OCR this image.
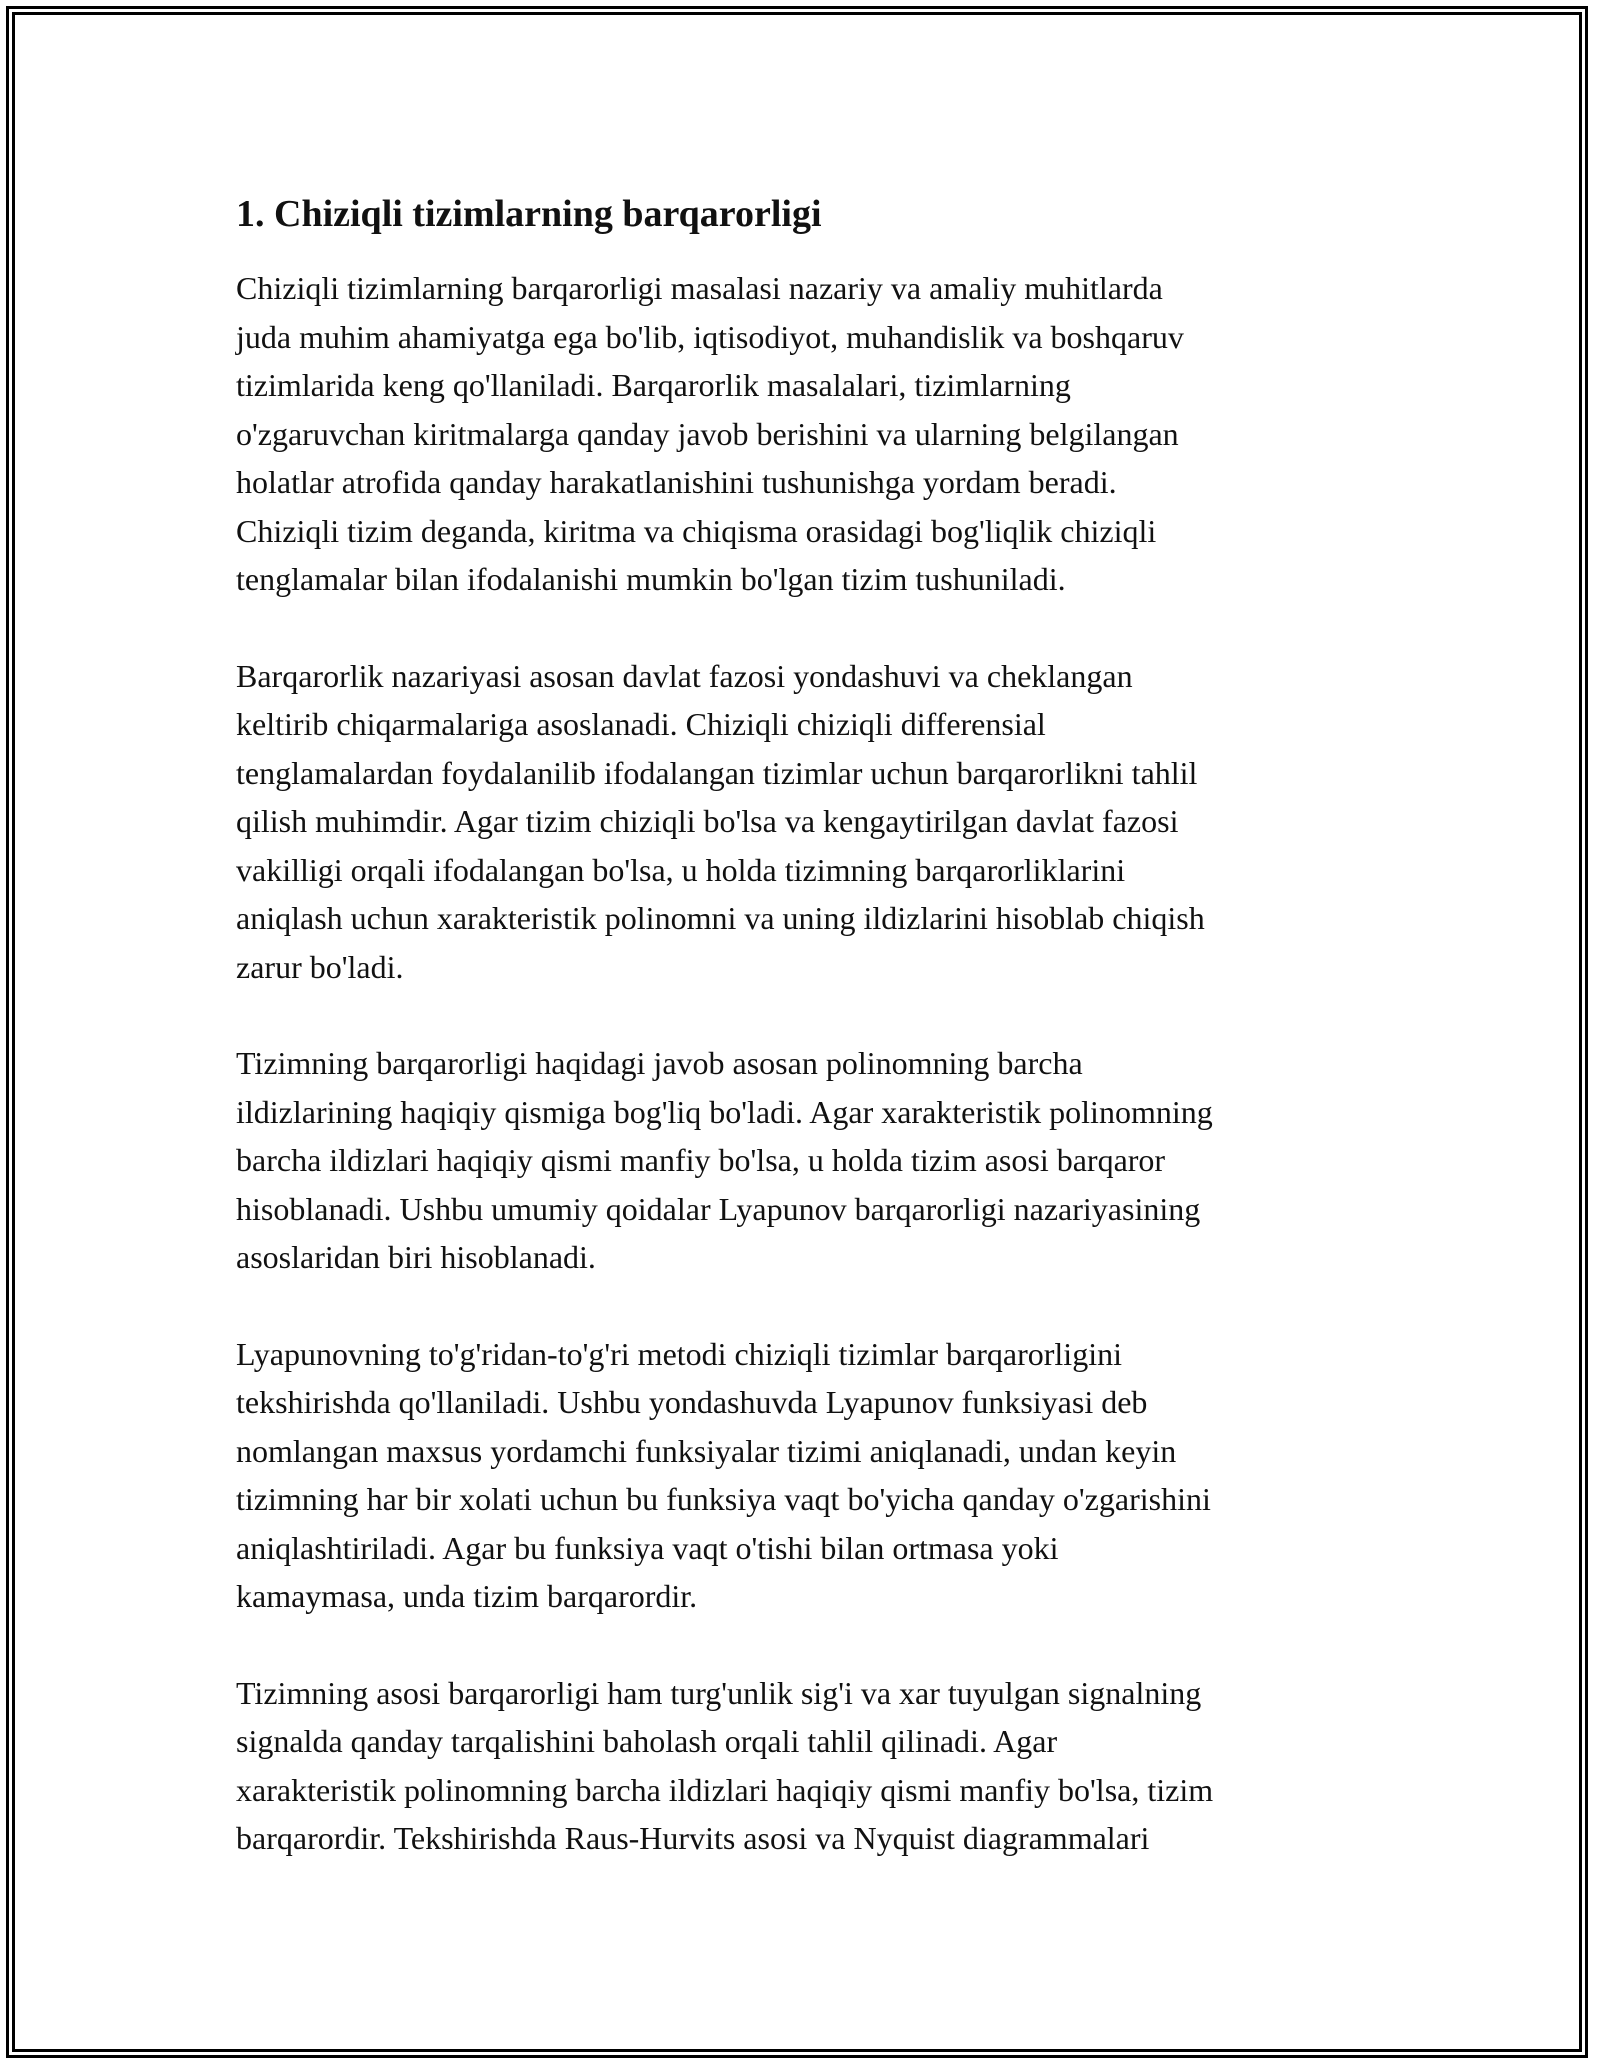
1. Chiziqli tizimlarning barqarorligi

Chiziqli tizimlarning barqarorligi masalasi nazariy va amaliy muhitlarda
juda muhim ahamiyatga ega bo'lib, iqtisodiyot, muhandislik va boshqaruv
tizimlarida keng qo'llaniladi. Barqarorlik masalalari, tizimlarning
o'zgaruvchan kiritmalarga qanday javob berishini va ularning belgilangan
holatlar atrofida qanday harakatlanishini tushunishga yordam beradi.
Chiziqli tizim deganda, kiritma va chiqisma orasidagi bog'liqlik chiziqli
tenglamalar bilan ifodalanishi mumkin bo'lgan tizim tushuniladi.

Barqarorlik nazariyasi asosan davlat fazosi yondashuvi va cheklangan
keltirib chiqarmalariga asoslanadi. Chiziqli chiziqli differensial
tenglamalardan foydalanilib ifodalangan tizimlar uchun barqarorlikni tahlil
qilish muhimdir. Agar tizim chiziqli bo'lsa va kengaytirilgan davlat fazosi
vakilligi orqali ifodalangan bo'lsa, u holda tizimning barqarorliklarini
aniqlash uchun xarakteristik polinomni va uning ildizlarini hisoblab chiqish
zarur bo'ladi.

Tizimning barqarorligi haqidagi javob asosan polinomning barcha
ildizlarining haqiqiy qismiga bog'liq bo'ladi. Agar xarakteristik polinomning
barcha ildizlari haqiqiy qismi manfiy bo'lsa, u holda tizim asosi barqaror
hisoblanadi. Ushbu umumiy qoidalar Lyapunov barqarorligi nazariyasining
asoslaridan biri hisoblanadi.

Lyapunovning to'g'ridan-to'g'ri metodi chiziqli tizimlar barqarorligini
tekshirishda qo'llaniladi. Ushbu yondashuvda Lyapunov funksiyasi deb
nomlangan maxsus yordamchi funksiyalar tizimi aniqlanadi, undan keyin
tizimning har bir xolati uchun bu funksiya vaqt bo'yicha qanday o'zgarishini
aniqlashtiriladi. Agar bu funksiya vaqt o'tishi bilan ortmasa yoki
kamaymasa, unda tizim barqarordir.

Tizimning asosi barqarorligi ham turg'unlik sig'i va xar tuyulgan signalning
signalda qanday tarqalishini baholash orqali tahlil qilinadi. Agar
xarakteristik polinomning barcha ildizlari haqiqiy qismi manfiy bo'lsa, tizim
barqarordir. Tekshirishda Raus-Hurvits asosi va Nyquist diagrammalari
